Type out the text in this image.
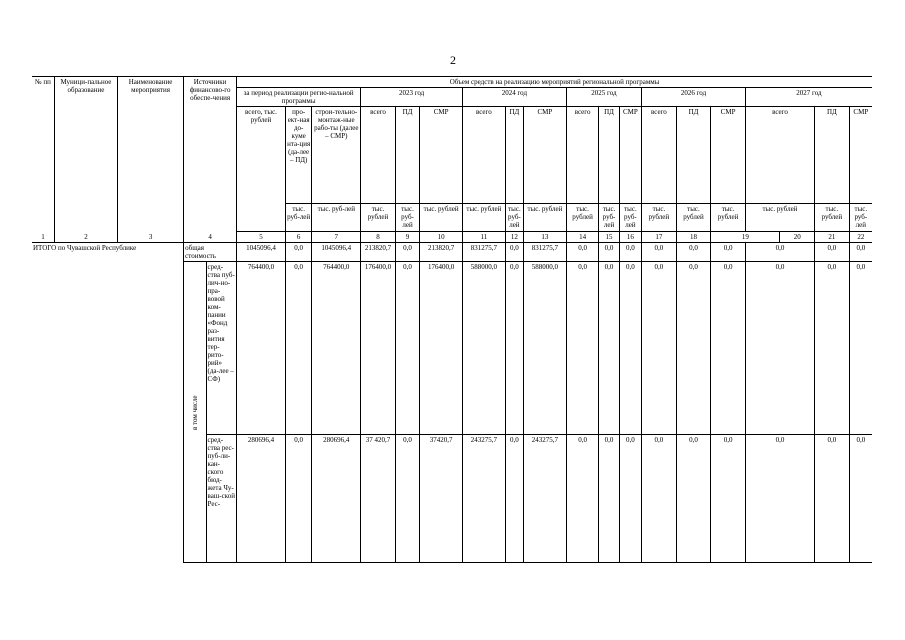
2
№ пп	Муници-пальное образование	Наименование мероприятия	Источники финансово-го обеспе-чения		Объем средств на реализацию мероприятий региональной программы																		
					за период реализации регио-нальной программы			2023 год			2024 год			2025 год			2026 год			2027 год			
					всего, тыс. рублей	про-ект-ная до-куме нта-ция (да-лее – ПД)	строи-тельно-монтаж-ные рабо-ты (далее – СМР)	всего	ПД	СМР	всего	ПД	СМР	всего	ПД	СМР	всего	ПД	СМР	всего		ПД	СМР
						тыс. руб-лей	тыс. руб-лей	тыс. рублей	тыс. руб-лей	тыс. рублей	тыс. рублей	тыс. руб-лей	тыс. рублей	тыс. рублей	тыс. руб-лей	тыс. руб-лей	тыс. рублей	тыс. рублей	тыс. рублей	тыс. рублей		тыс. рублей	тыс. руб-лей
1	2	3	4		5	6	7	8	9	10	11	12	13	14	15	16	17	18	19		20	21	22
ИТОГО по Чувашской Республике			общая стоимость		1045096,4	0,0	1045096,4	213820,7	0,0	213820,7	831275,7	0,0	831275,7	0,0	0,0	0,0	0,0	0,0	0,0	0,0		0,0	0,0
			в том числе	сред-ства пуб-лич-но-пра-вовой ком-пании «Фонд раз-вития тер-рито-рий» (да-лее – СФ)	764400,0	0,0	764400,0	176400,0	0,0	176400,0	588000,0	0,0	588000,0	0,0	0,0	0,0	0,0	0,0	0,0	0,0		0,0	0,0
				сред-ства рес-пуб-ли-кан-ского бюд-жета Чу-ваш-ской Рес-	280696,4	0,0	280696,4	37 420,7	0,0	37420,7	243275,7	0,0	243275,7	0,0	0,0	0,0	0,0	0,0	0,0	0,0		0,0	0,0
